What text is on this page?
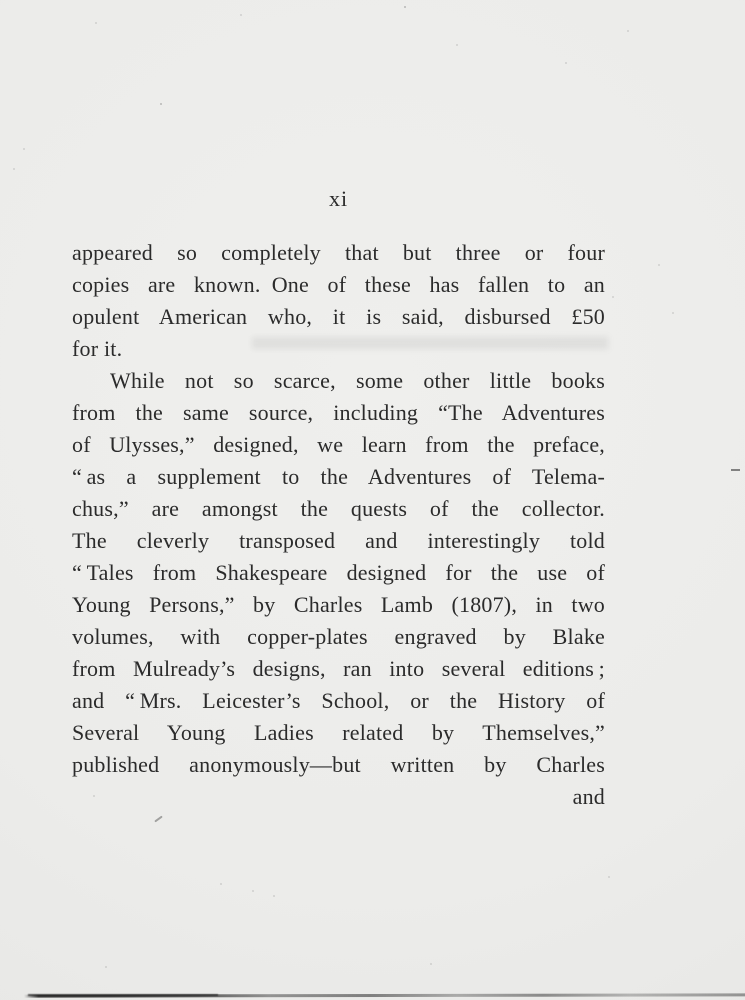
xi
appeared so completely that but three or four
copies are known. One of these has fallen to an
opulent American who, it is said, disbursed £50
for it.
While not so scarce, some other little books
from the same source, including “The Adventures
of Ulysses,” designed, we learn from the preface,
“ as a supplement to the Adventures of Telema-
chus,” are amongst the quests of the collector.
The cleverly transposed and interestingly told
“ Tales from Shakespeare designed for the use of
Young Persons,” by Charles Lamb (1807), in two
volumes, with copper-plates engraved by Blake
from Mulready’s designs, ran into several editions ;
and “ Mrs. Leicester’s School, or the History of
Several Young Ladies related by Themselves,”
published anonymously—but written by Charles
and
